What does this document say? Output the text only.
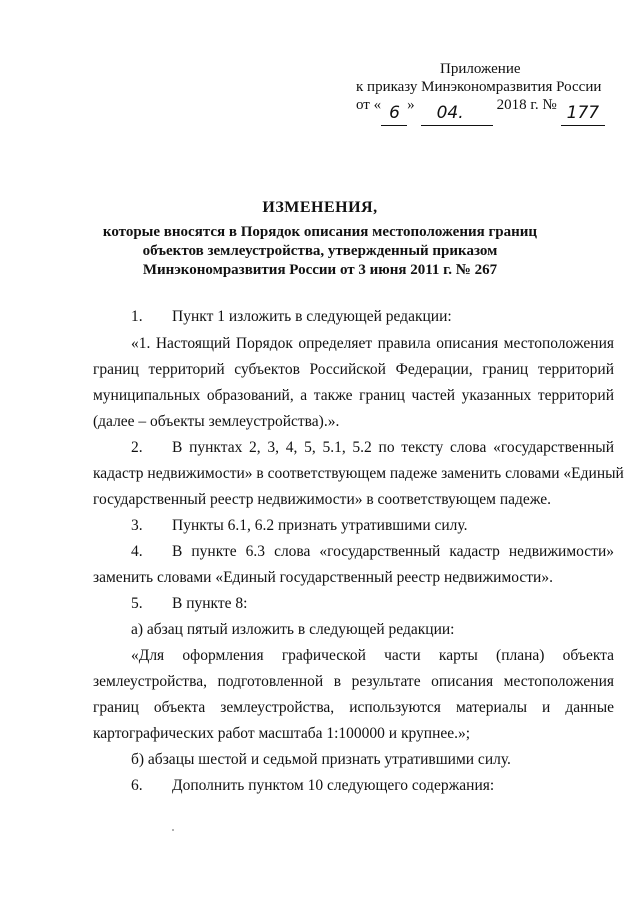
Приложение
к приказу Минэкономразвития России
от « 6 » 04. 2018 г. № 177
ИЗМЕНЕНИЯ,
которые вносятся в Порядок описания местоположения границ объектов землеустройства, утвержденный приказом Минэкономразвития России от 3 июня 2011 г. № 267
1. Пункт 1 изложить в следующей редакции:
«1. Настоящий Порядок определяет правила описания местоположения
границ территорий субъектов Российской Федерации, границ территорий
муниципальных образований, а также границ частей указанных территорий
(далее – объекты землеустройства).».
2.	В пунктах 2, 3, 4, 5, 5.1, 5.2 по тексту слова «государственный
кадастр недвижимости» в соответствующем падеже заменить словами «Единый
государственный реестр недвижимости» в соответствующем падеже.
3. Пункты 6.1, 6.2 признать утратившими силу.
4.	В пункте 6.3 слова «государственный кадастр недвижимости»
заменить словами «Единый государственный реестр недвижимости».
5. В пункте 8:
а) абзац пятый изложить в следующей редакции:
«Для оформления графической части карты (плана) объекта
землеустройства, подготовленной в результате описания местоположения
границ объекта землеустройства, используются материалы и данные
картографических работ масштаба 1:100000 и крупнее.»;
б) абзацы шестой и седьмой признать утратившими силу.
6. Дополнить пунктом 10 следующего содержания:
